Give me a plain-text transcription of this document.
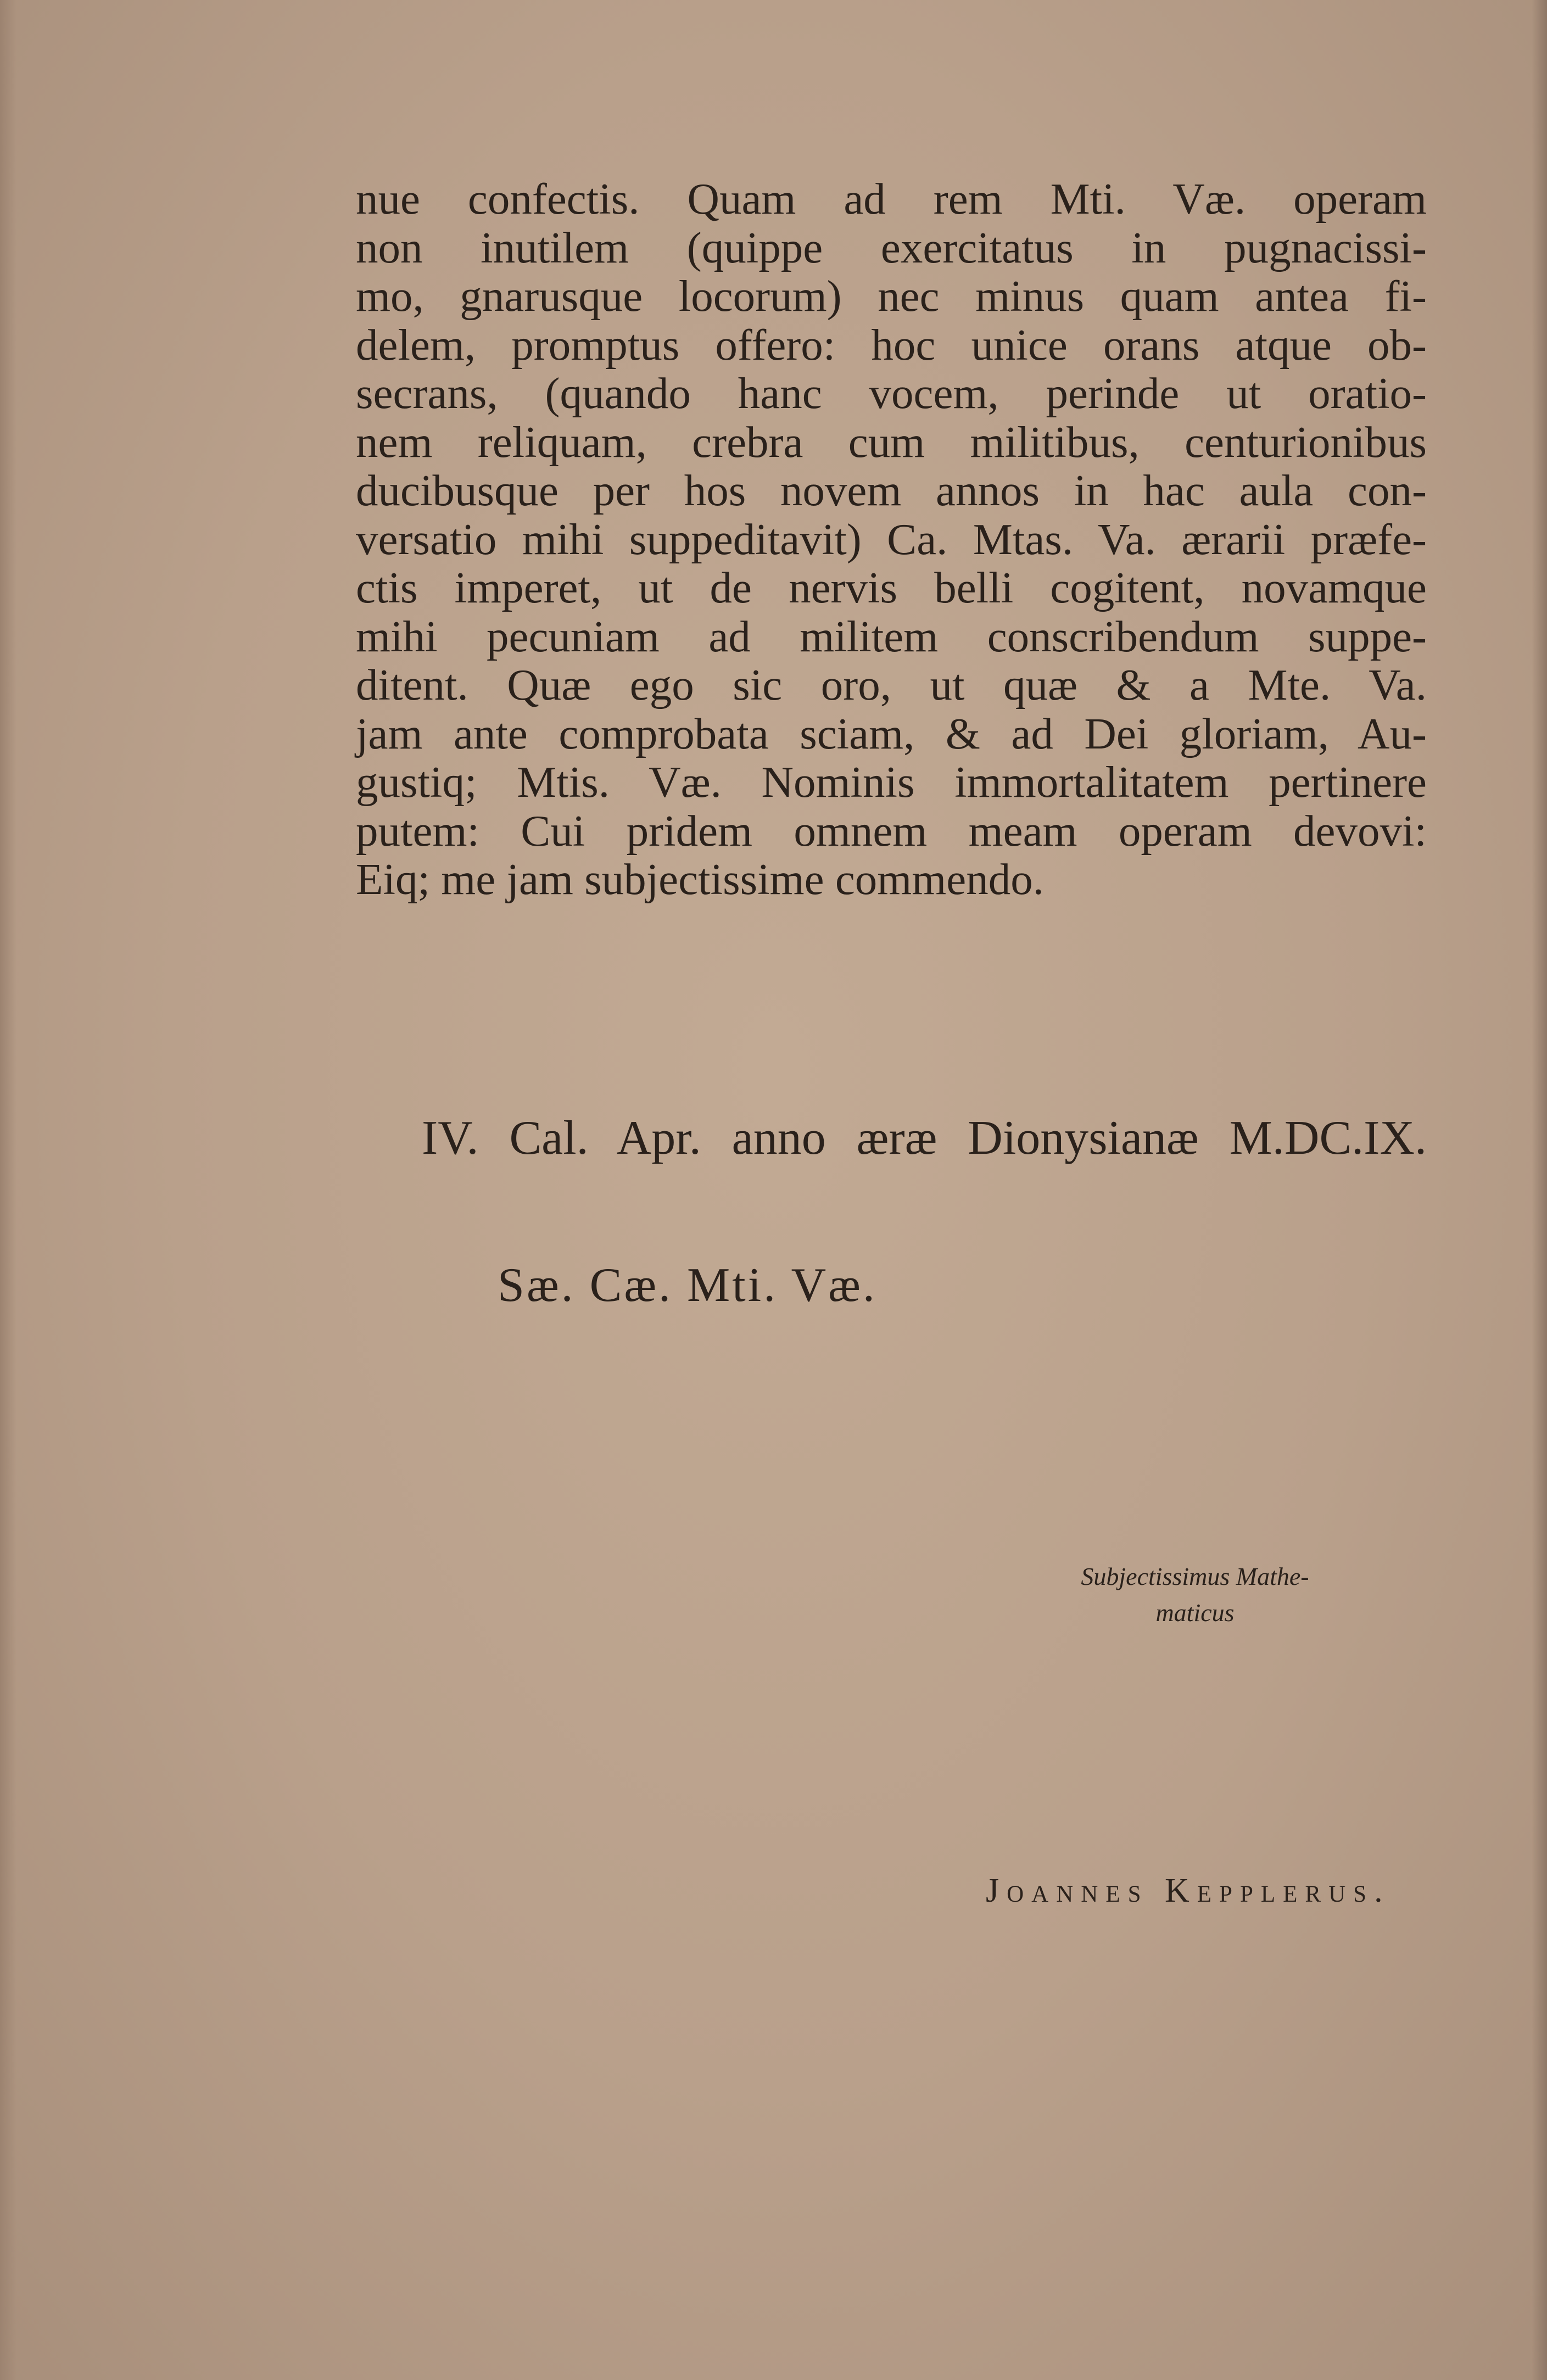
nue confectis. Quam ad rem Mti. Væ. operam
non inutilem (quippe exercitatus in pugnacissi-
mo, gnarusque locorum) nec minus quam antea fi-
delem, promptus offero: hoc unice orans atque ob-
secrans, (quando hanc vocem, perinde ut oratio-
nem reliquam, crebra cum militibus, centurionibus
ducibusque per hos novem annos in hac aula con-
versatio mihi suppeditavit) Ca. Mtas. Va. ærarii præfe-
ctis imperet, ut de nervis belli cogitent, novamque
mihi pecuniam ad militem conscribendum suppe-
ditent. Quæ ego sic oro, ut quæ & a Mte. Va.
jam ante comprobata sciam, & ad Dei gloriam, Au-
gustiq; Mtis. Væ. Nominis immortalitatem pertinere
putem: Cui pridem omnem meam operam devovi:
Eiq; me jam subjectissime commendo.
IV. Cal. Apr. anno æræ Dionysianæ M.DC.IX.
Sæ. Cæ. Mti. Væ.
Subjectissimus Mathe-
maticus
Joannes Kepplerus.
